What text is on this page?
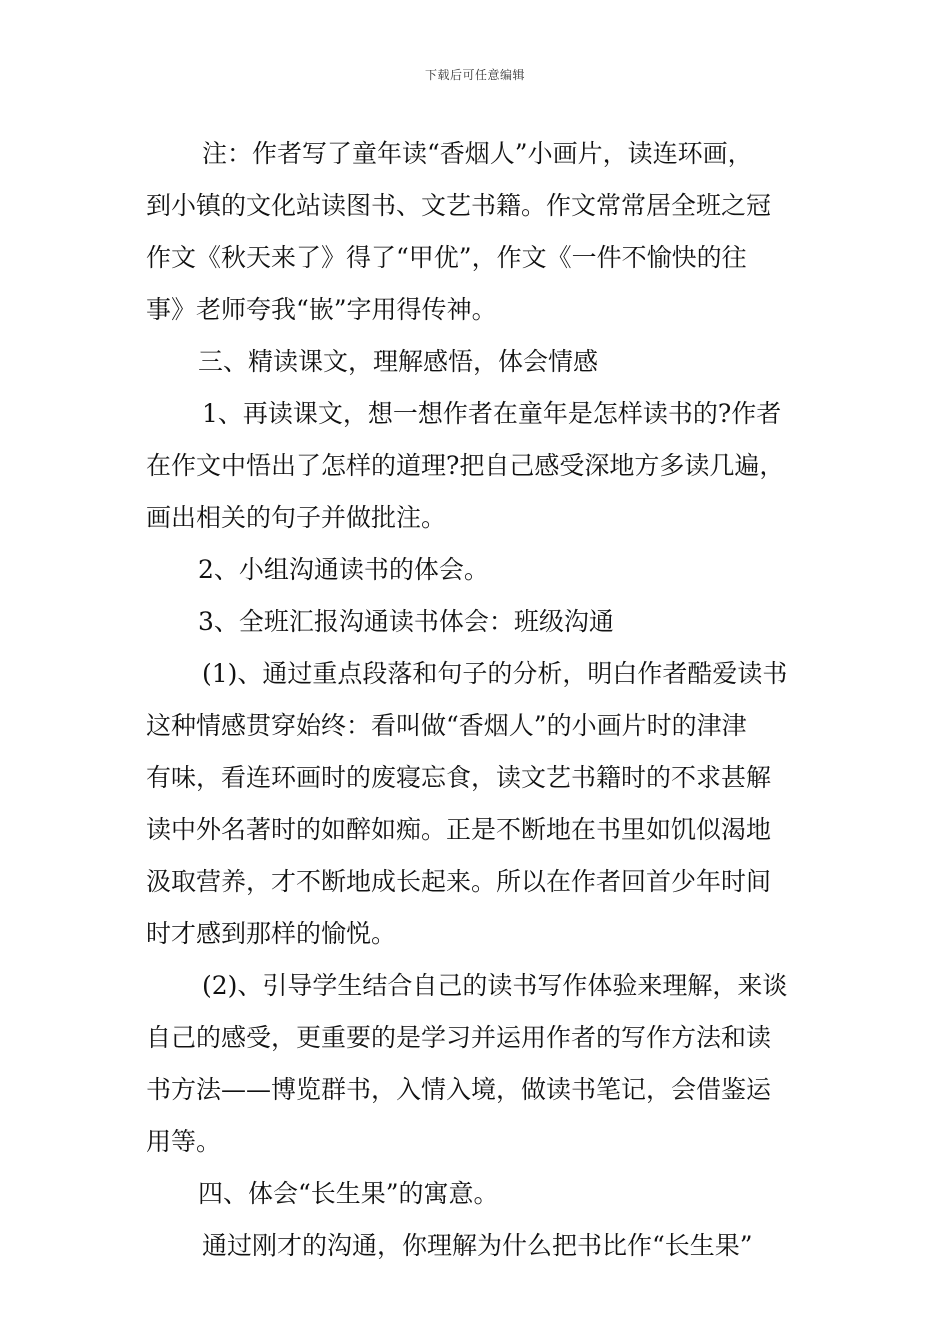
下载后可任意编辑
注：作者写了童年读“香烟人”小画片，读连环画，
到小镇的文化站读图书、文艺书籍。作文常常居全班之冠
作文《秋天来了》得了“甲优”，作文《一件不愉快的往
事》老师夸我“嵌”字用得传神。
三、精读课文，理解感悟，体会情感
1、再读课文，想一想作者在童年是怎样读书的?作者
在作文中悟出了怎样的道理?把自己感受深地方多读几遍，
画出相关的句子并做批注。
2、小组沟通读书的体会。
3、全班汇报沟通读书体会：班级沟通
(1)、通过重点段落和句子的分析，明白作者酷爱读书
这种情感贯穿始终：看叫做“香烟人”的小画片时的津津
有味，看连环画时的废寝忘食，读文艺书籍时的不求甚解
读中外名著时的如醉如痴。正是不断地在书里如饥似渴地
汲取营养，才不断地成长起来。所以在作者回首少年时间
时才感到那样的愉悦。
(2)、引导学生结合自己的读书写作体验来理解，来谈
自己的感受，更重要的是学习并运用作者的写作方法和读
书方法——博览群书，入情入境，做读书笔记，会借鉴运
用等。
四、体会“长生果”的寓意。
通过刚才的沟通，你理解为什么把书比作“长生果”
